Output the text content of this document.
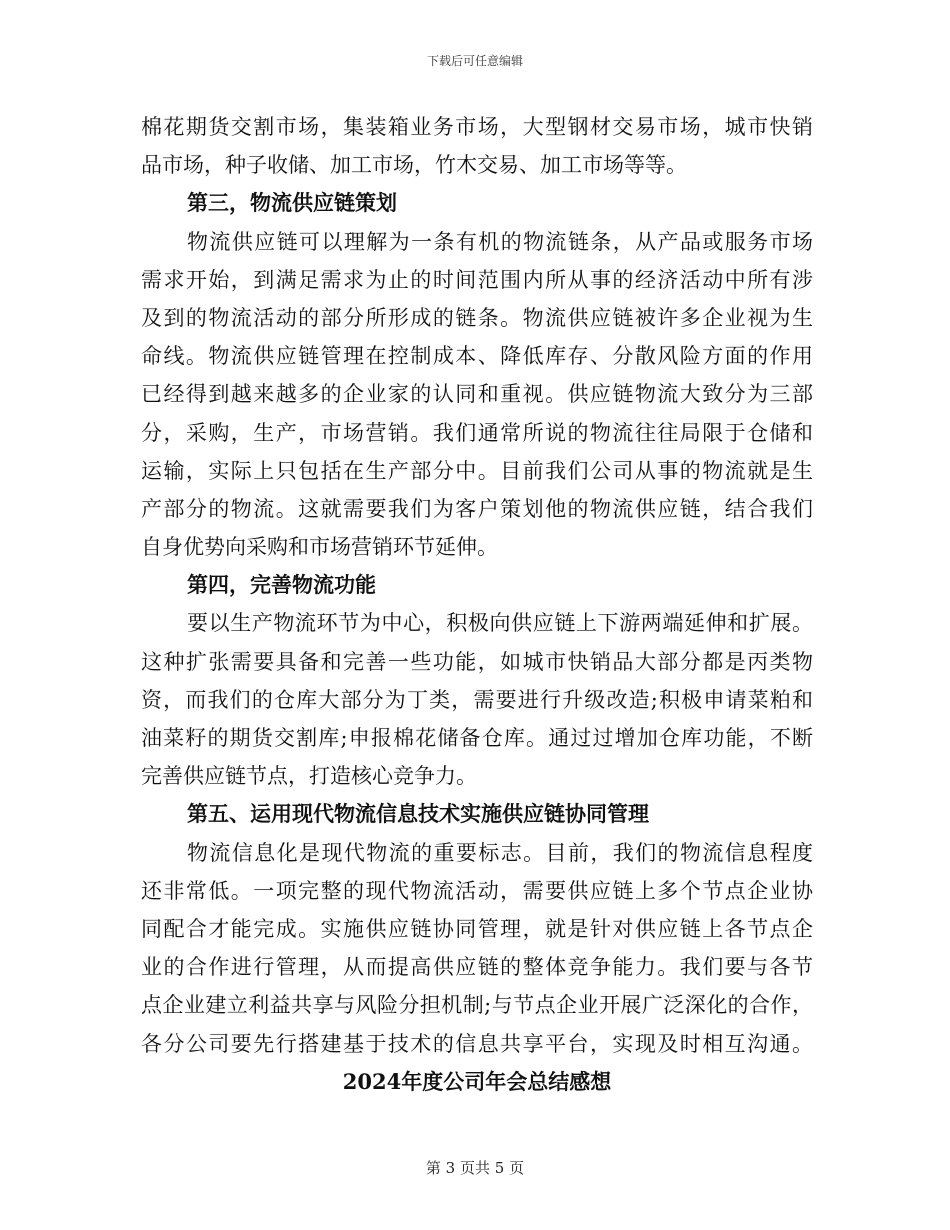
下载后可任意编辑
棉花期货交割市场，集装箱业务市场，大型钢材交易市场，城市快销
品市场，种子收储、加工市场，竹木交易、加工市场等等。
第三，物流供应链策划
物流供应链可以理解为一条有机的物流链条，从产品或服务市场
需求开始，到满足需求为止的时间范围内所从事的经济活动中所有涉
及到的物流活动的部分所形成的链条。物流供应链被许多企业视为生
命线。物流供应链管理在控制成本、降低库存、分散风险方面的作用
已经得到越来越多的企业家的认同和重视。供应链物流大致分为三部
分，采购，生产，市场营销。我们通常所说的物流往往局限于仓储和
运输，实际上只包括在生产部分中。目前我们公司从事的物流就是生
产部分的物流。这就需要我们为客户策划他的物流供应链，结合我们
自身优势向采购和市场营销环节延伸。
第四，完善物流功能
要以生产物流环节为中心，积极向供应链上下游两端延伸和扩展。
这种扩张需要具备和完善一些功能，如城市快销品大部分都是丙类物
资，而我们的仓库大部分为丁类，需要进行升级改造;积极申请菜粕和
油菜籽的期货交割库;申报棉花储备仓库。通过过增加仓库功能，不断
完善供应链节点，打造核心竞争力。
第五、运用现代物流信息技术实施供应链协同管理
物流信息化是现代物流的重要标志。目前，我们的物流信息程度
还非常低。一项完整的现代物流活动，需要供应链上多个节点企业协
同配合才能完成。实施供应链协同管理，就是针对供应链上各节点企
业的合作进行管理，从而提高供应链的整体竞争能力。我们要与各节
点企业建立利益共享与风险分担机制;与节点企业开展广泛深化的合作，
各分公司要先行搭建基于技术的信息共享平台，实现及时相互沟通。
2024年度公司年会总结感想
第 3 页共 5 页
